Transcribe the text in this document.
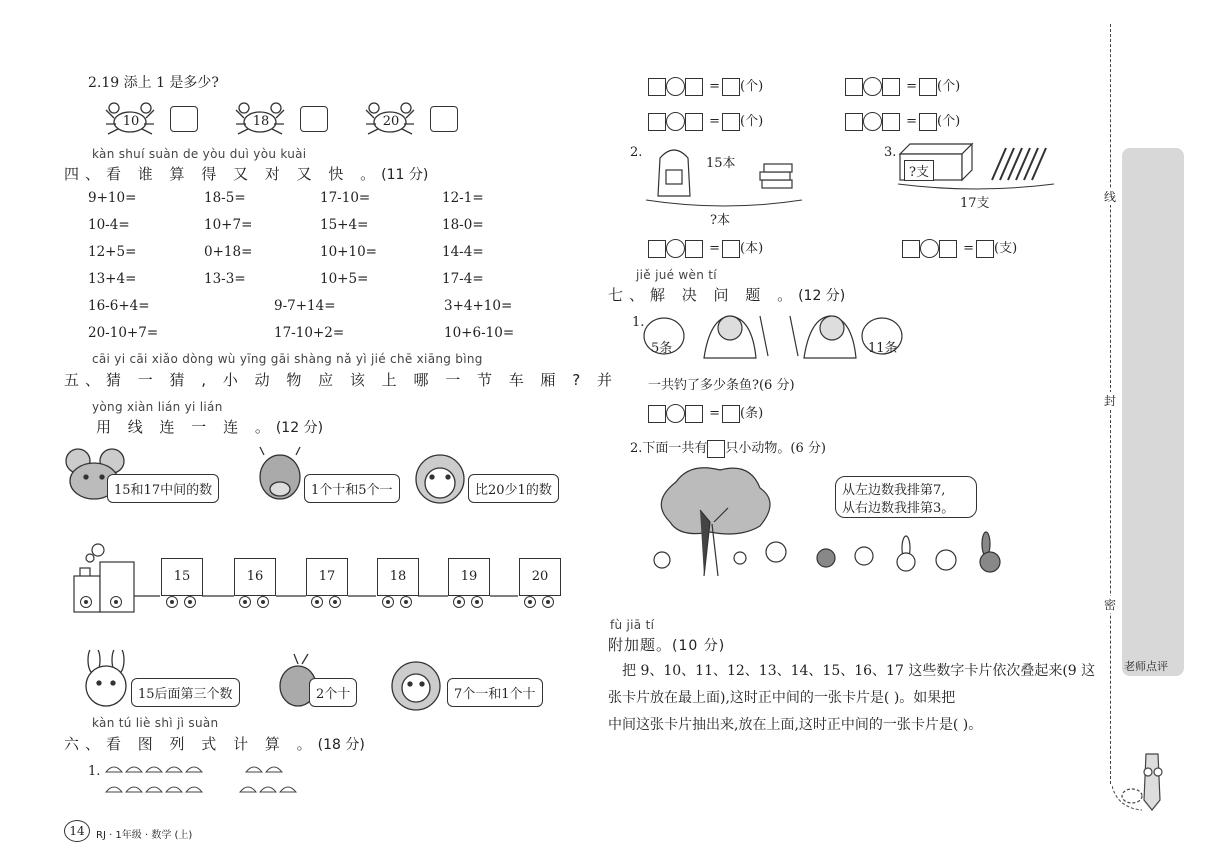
2.19 添上 1 是多少?
10	18	20
kàn shuí suàn de yòu duì yòu kuài
四、看 谁 算 得 又 对 又 快 。(11 分)
9+10=	18-5=	17-10=	12-1=
10-4=	10+7=	15+4=	18-0=
12+5=	0+18=	10+10=	14-4=
13+4=	13-3=	10+5=	17-4=
16-6+4=	9-7+14=	3+4+10=
20-10+7=	17-10+2=	10+6-10=
cāi yi cāi xiǎo dòng wù yīng gāi shàng nǎ yì jié chē xiāng bìng
五、猜 一 猜 , 小 动 物 应 该 上 哪 一 节 车 厢 ? 并
yòng xiàn lián yi lián
用 线 连 一 连 。(12 分)
15和17中间的数	1个十和5个一	比20少1的数
15	16	17	18	19	20
15后面第三个数	2个十	7个一和1个十
kàn tú liè shì jì suàn
六、看 图 列 式 计 算 。(18 分)
1.
14	RJ · 1年级 · 数学 (上)
= (个)	= (个)
= (个)	= (个)
2.
15本
?本
= (本)
3.
?支
17支
= (支)
jiě jué wèn tí
七、解 决 问 题 。(12 分)
1.
5条	11条
一共钓了多少条鱼?(6 分)
= (条)
2.下面一共有 只小动物。(6 分)
从左边数我排第7,
从右边数我排第3。
fù jiā tí
附加题。(10 分)
把 9、10、11、12、13、14、15、16、17 这些数字卡片依次叠起来(9 这
张卡片放在最上面),这时正中间的一张卡片是( )。如果把
中间这张卡片抽出来,放在上面,这时正中间的一张卡片是( )。
线
封
密
老师点评
